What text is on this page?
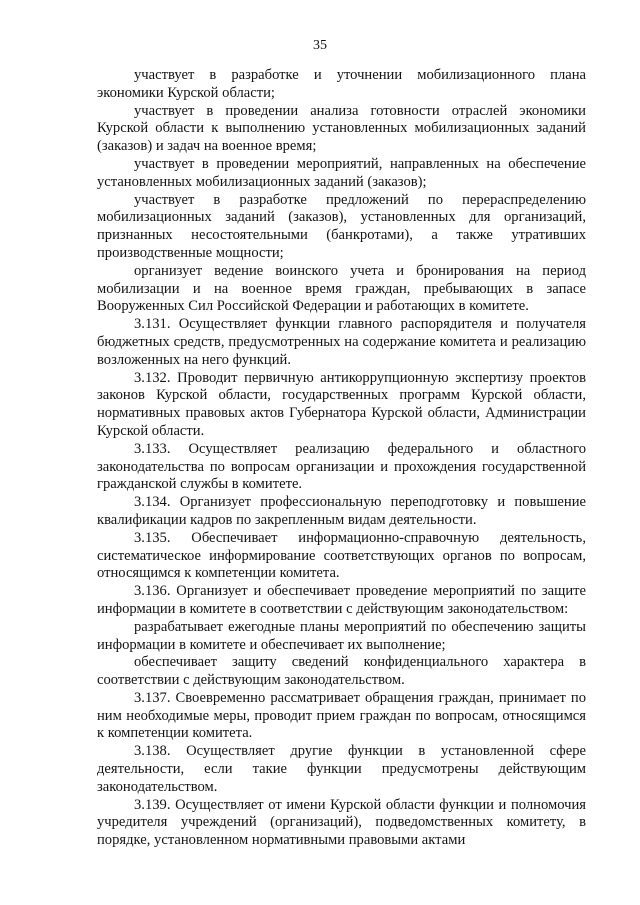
35

участвует в разработке и уточнении мобилизационного плана экономики Курской области;

участвует в проведении анализа готовности отраслей экономики Курской области к выполнению установленных мобилизационных заданий (заказов) и задач на военное время;

участвует в проведении мероприятий, направленных на обеспечение установленных мобилизационных заданий (заказов);

участвует в разработке предложений по перераспределению мобилизационных заданий (заказов), установленных для организаций, признанных несостоятельными (банкротами), а также утративших производственные мощности;

организует ведение воинского учета и бронирования на период мобилизации и на военное время граждан, пребывающих в запасе Вооруженных Сил Российской Федерации и работающих в комитете.

3.131. Осуществляет функции главного распорядителя и получателя бюджетных средств, предусмотренных на содержание комитета и реализацию возложенных на него функций.

3.132. Проводит первичную антикоррупционную экспертизу проектов законов Курской области, государственных программ Курской области, нормативных правовых актов Губернатора Курской области, Администрации Курской области.

3.133. Осуществляет реализацию федерального и областного законодательства по вопросам организации и прохождения государственной гражданской службы в комитете.

3.134. Организует профессиональную переподготовку и повышение квалификации кадров по закрепленным видам деятельности.

3.135. Обеспечивает информационно-справочную деятельность, систематическое информирование соответствующих органов по вопросам, относящимся к компетенции комитета.

3.136. Организует и обеспечивает проведение мероприятий по защите информации в комитете в соответствии с действующим законодательством:

разрабатывает ежегодные планы мероприятий по обеспечению защиты информации в комитете и обеспечивает их выполнение;

обеспечивает защиту сведений конфиденциального характера в соответствии с действующим законодательством.

3.137. Своевременно рассматривает обращения граждан, принимает по ним необходимые меры, проводит прием граждан по вопросам, относящимся к компетенции комитета.

3.138. Осуществляет другие функции в установленной сфере деятельности, если такие функции предусмотрены действующим законодательством.

3.139. Осуществляет от имени Курской области функции и полномочия учредителя учреждений (организаций), подведомственных комитету, в порядке, установленном нормативными правовыми актами
